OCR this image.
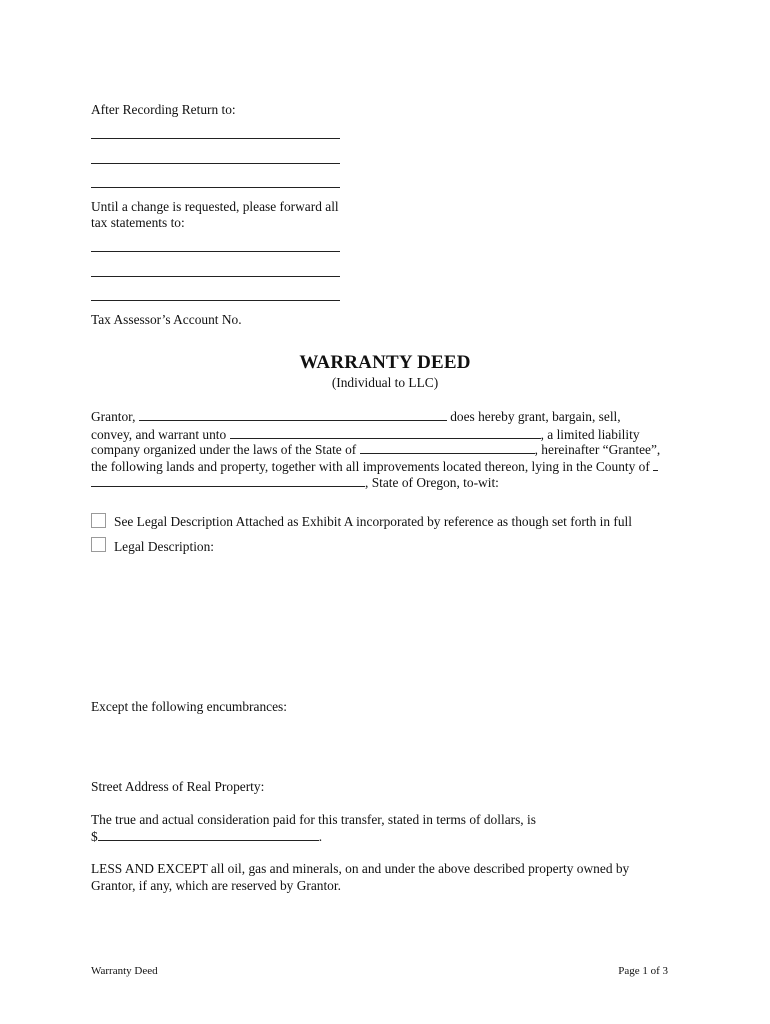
After Recording Return to:
Until a change is requested, please forward all
tax statements to:
Tax Assessor’s Account No.
WARRANTY DEED
(Individual to LLC)
Grantor,	does hereby grant, bargain, sell,
convey, and warrant unto	, a limited liability
company organized under the laws of the State of	, hereinafter “Grantee”,
the following lands and property, together with all improvements located thereon, lying in the County of
, State of Oregon, to-wit:
See Legal Description Attached as Exhibit A incorporated by reference as though set forth in full
Legal Description:
Except the following encumbrances:
Street Address of Real Property:
The true and actual consideration paid for this transfer, stated in terms of dollars, is
$	.
LESS AND EXCEPT all oil, gas and minerals, on and under the above described property owned by
Grantor, if any, which are reserved by Grantor.
Warranty Deed	Page 1 of 3
